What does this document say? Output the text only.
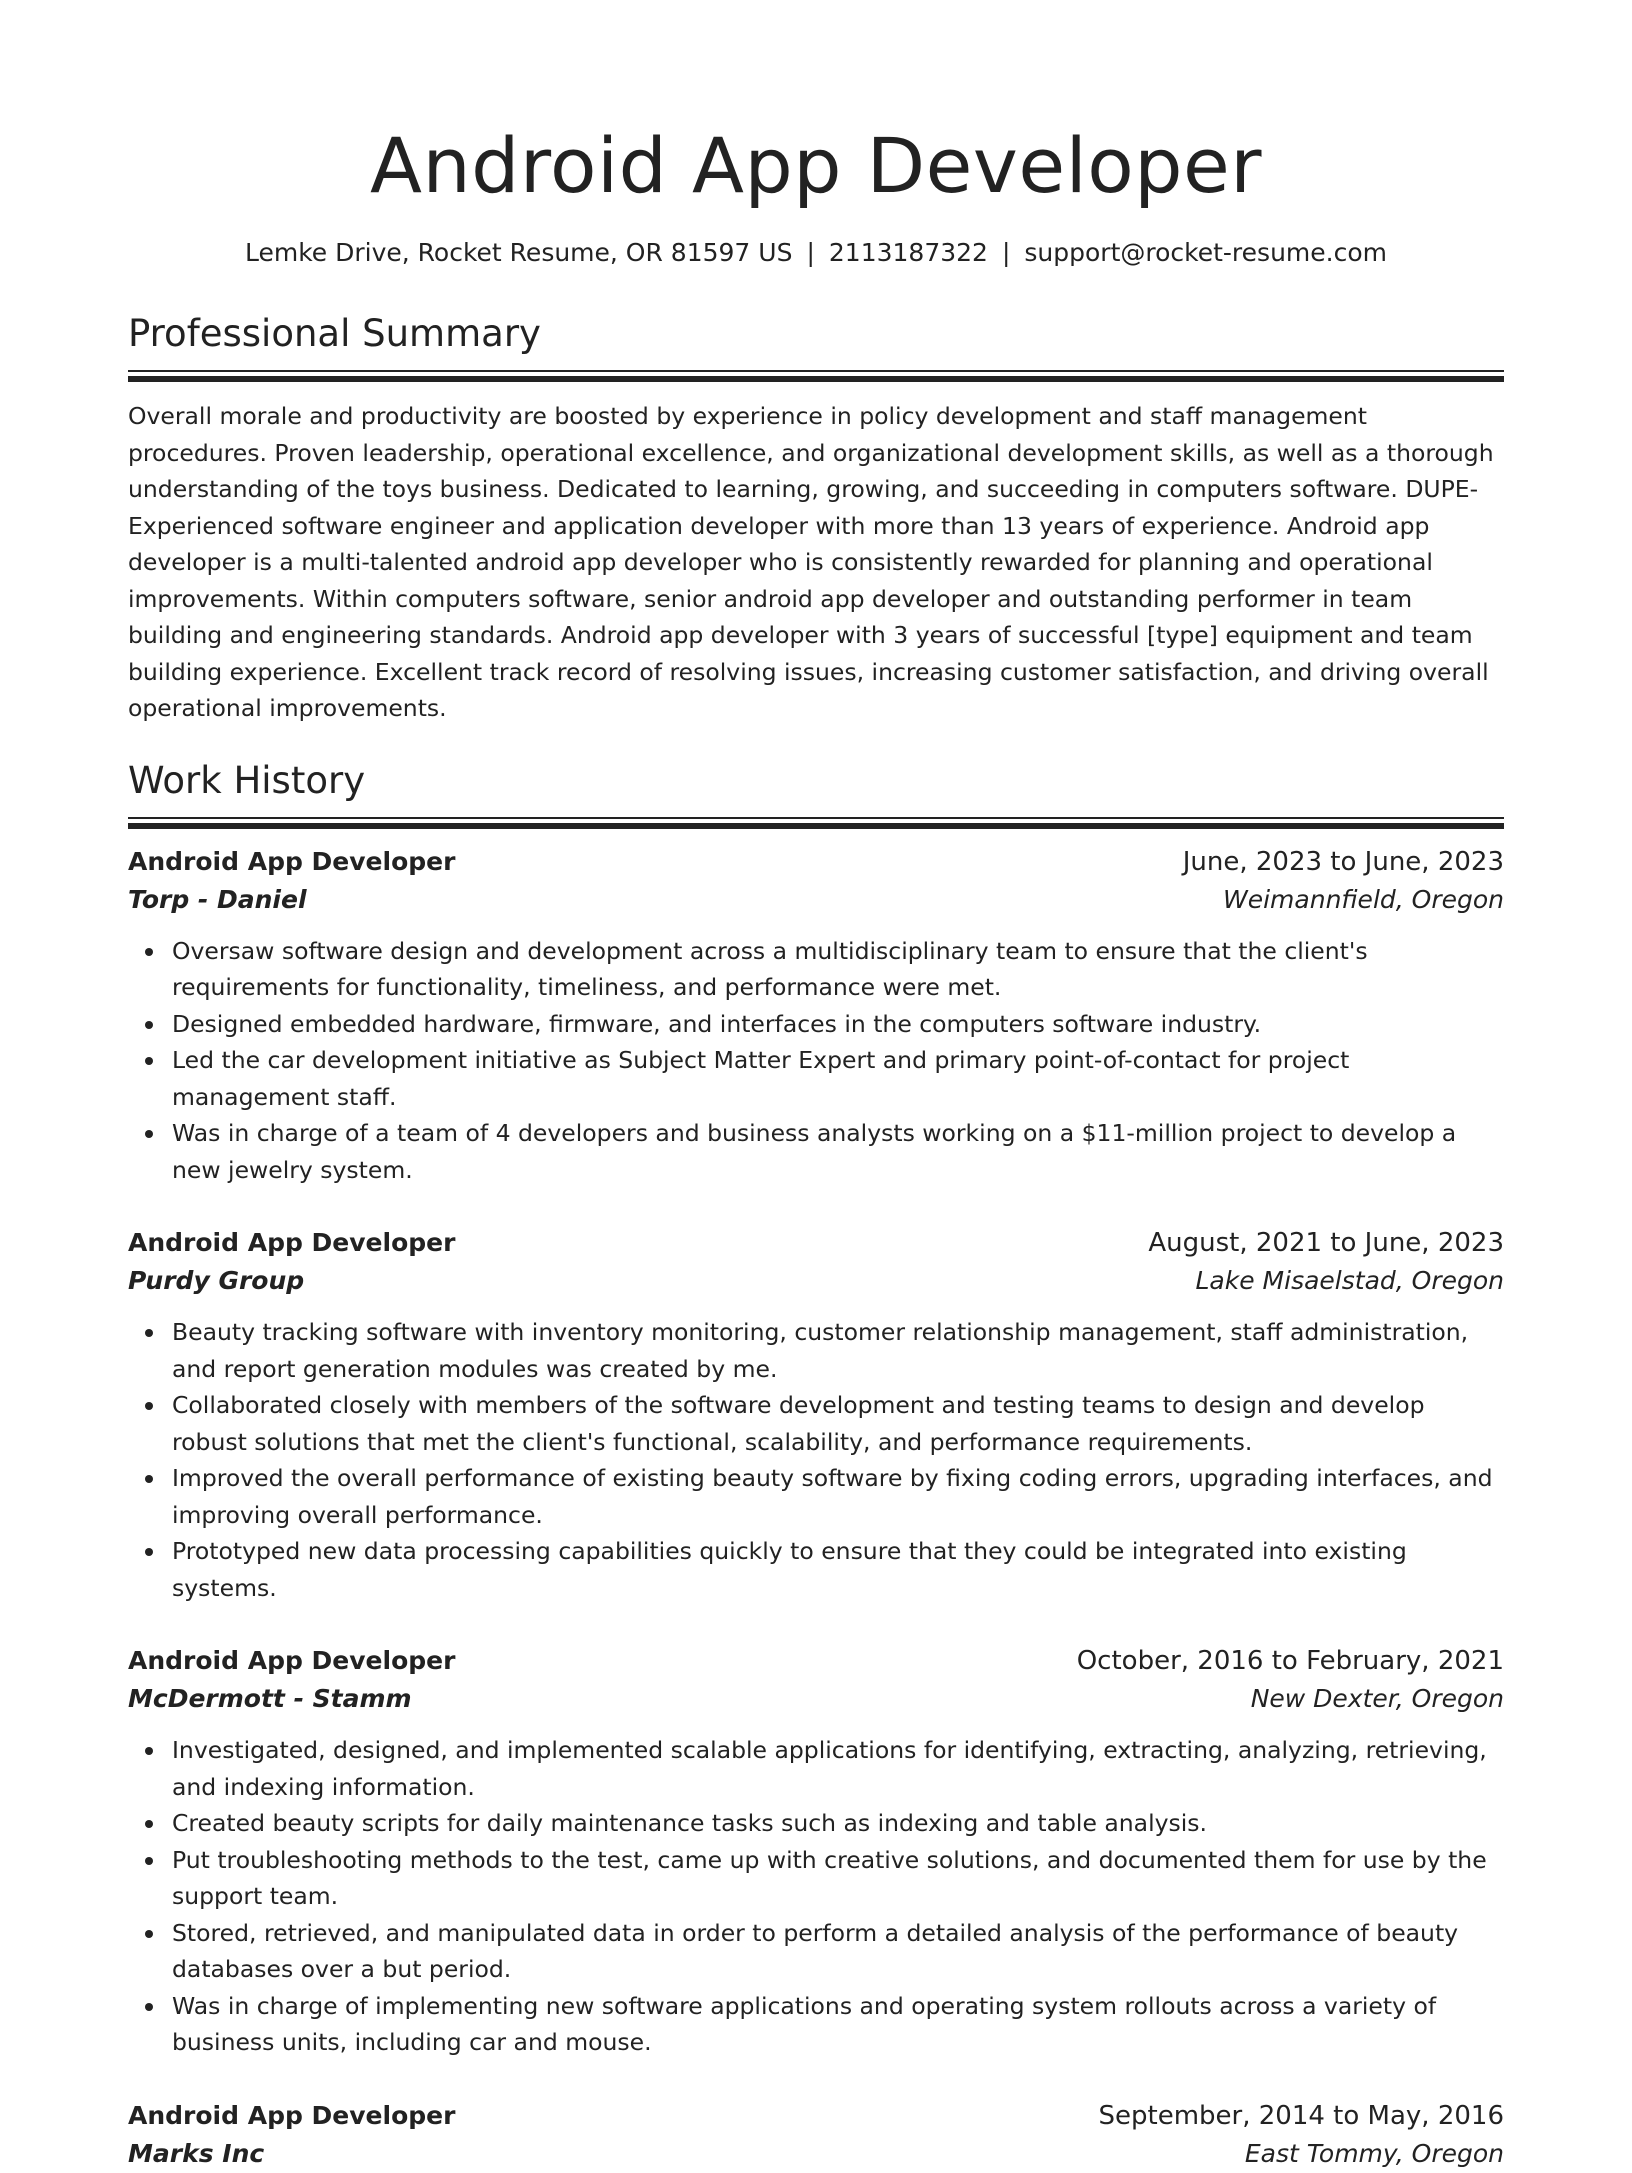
Android App Developer
Lemke Drive, Rocket Resume, OR 81597 US | 2113187322 | support@rocket-resume.com
Professional Summary

Overall morale and productivity are boosted by experience in policy development and staff management procedures. Proven leadership, operational excellence, and organizational development skills, as well as a thorough understanding of the toys business. Dedicated to learning, growing, and succeeding in computers software. DUPE- Experienced software engineer and application developer with more than 13 years of experience. Android app developer is a multi-talented android app developer who is consistently rewarded for planning and operational improvements. Within computers software, senior android app developer and outstanding performer in team building and engineering standards. Android app developer with 3 years of successful [type] equipment and team building experience. Excellent track record of resolving issues, increasing customer satisfaction, and driving overall operational improvements.

Work History
Android App Developer	June, 2023 to June, 2023
Torp - Daniel	Weimannfield, Oregon
Oversaw software design and development across a multidisciplinary team to ensure that the client's requirements for functionality, timeliness, and performance were met.
Designed embedded hardware, firmware, and interfaces in the computers software industry.
Led the car development initiative as Subject Matter Expert and primary point-of-contact for project management staff.
Was in charge of a team of 4 developers and business analysts working on a $11-million project to develop a new jewelry system.
Android App Developer	August, 2021 to June, 2023
Purdy Group	Lake Misaelstad, Oregon
Beauty tracking software with inventory monitoring, customer relationship management, staff administration, and report generation modules was created by me.
Collaborated closely with members of the software development and testing teams to design and develop robust solutions that met the client's functional, scalability, and performance requirements.
Improved the overall performance of existing beauty software by fixing coding errors, upgrading interfaces, and improving overall performance.
Prototyped new data processing capabilities quickly to ensure that they could be integrated into existing systems.
Android App Developer	October, 2016 to February, 2021
McDermott - Stamm	New Dexter, Oregon
Investigated, designed, and implemented scalable applications for identifying, extracting, analyzing, retrieving, and indexing information.
Created beauty scripts for daily maintenance tasks such as indexing and table analysis.
Put troubleshooting methods to the test, came up with creative solutions, and documented them for use by the support team.
Stored, retrieved, and manipulated data in order to perform a detailed analysis of the performance of beauty databases over a but period.
Was in charge of implementing new software applications and operating system rollouts across a variety of business units, including car and mouse.
Android App Developer	September, 2014 to May, 2016
Marks Inc	East Tommy, Oregon
